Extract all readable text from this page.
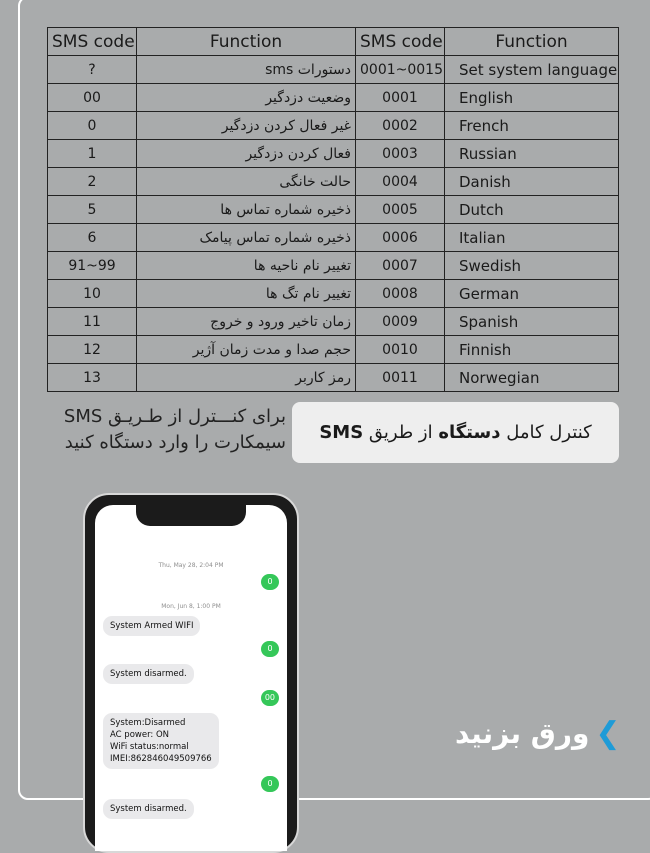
SMS code	Function	SMS code	Function
?	دستورات sms	0001~0015	Set system language
00	وضعیت دزدگیر	0001	English
0	غیر فعال کردن دزدگیر	0002	French
1	فعال کردن دزدگیر	0003	Russian
2	حالت خانگی	0004	Danish
5	ذخیره شماره تماس ها	0005	Dutch
6	ذخیره شماره تماس پیامک	0006	Italian
91~99	تغییر نام ناحیه ها	0007	Swedish
10	تغییر نام تگ ها	0008	German
11	زمان تاخیر ورود و خروج	0009	Spanish
12	حجم صدا و مدت زمان آژیر	0010	Finnish
13	رمز کاربر	0011	Norwegian
کنترل کامل

دستگاه

از طریق

SMS
برای کنـــترل از طـریـق SMS
سیمکارت را وارد دستگاه کنید
Thu, May 28, 2:04 PM
0
Mon, Jun 8, 1:00 PM
System Armed WIFI
0
System disarmed.
00
System:Disarmed
AC power: ON
WiFi status:normal
IMEI:862846049509766
0
System disarmed.
❯
ورق بزنید
